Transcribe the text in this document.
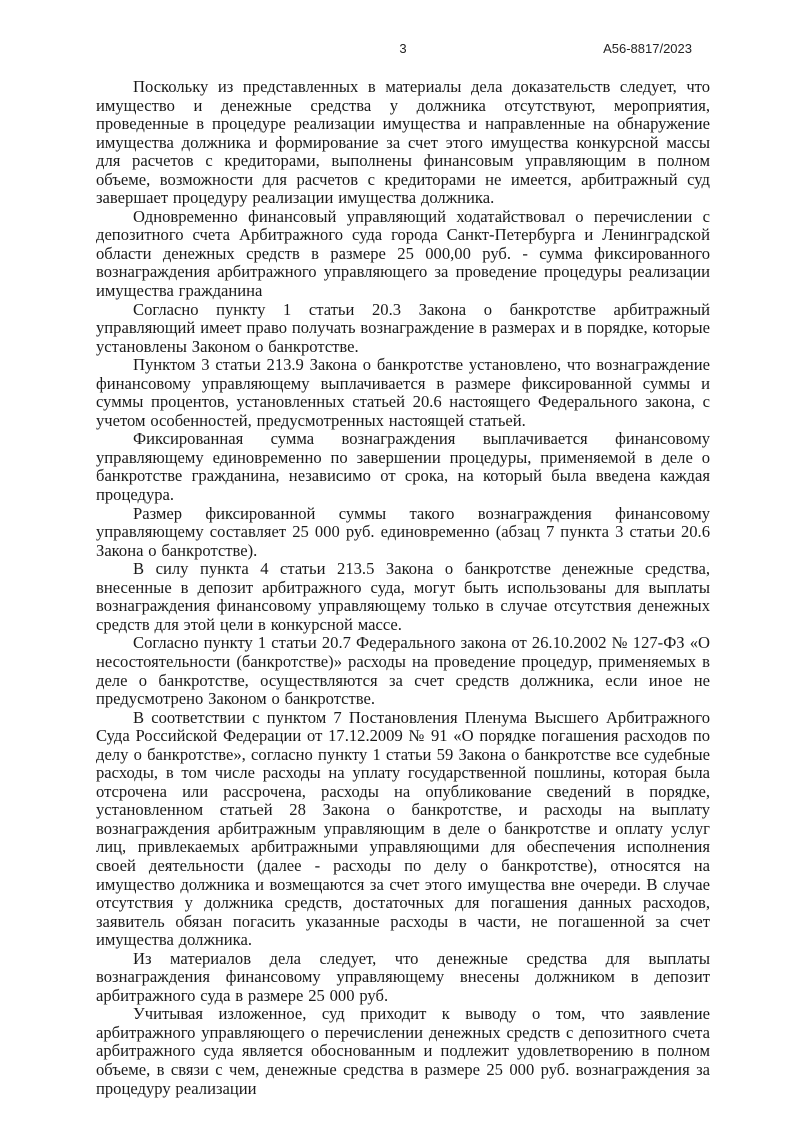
3	А56-8817/2023

Поскольку из представленных в материалы дела доказательств следует, что имущество и денежные средства у должника отсутствуют, мероприятия, проведенные в процедуре реализации имущества и направленные на обнаружение имущества должника и формирование за счет этого имущества конкурсной массы для расчетов с кредиторами, выполнены финансовым управляющим в полном объеме, возможности для расчетов с кредиторами не имеется, арбитражный суд завершает процедуру реализации имущества должника.

Одновременно финансовый управляющий ходатайствовал о перечислении с депозитного счета Арбитражного суда города Санкт-Петербурга и Ленинградской области денежных средств в размере 25 000,00 руб. - сумма фиксированного вознаграждения арбитражного управляющего за проведение процедуры реализации имущества гражданина

Согласно пункту 1 статьи 20.3 Закона о банкротстве арбитражный управляющий имеет право получать вознаграждение в размерах и в порядке, которые установлены Законом о банкротстве.

Пунктом 3 статьи 213.9 Закона о банкротстве установлено, что вознаграждение финансовому управляющему выплачивается в размере фиксированной суммы и суммы процентов, установленных статьей 20.6 настоящего Федерального закона, с учетом особенностей, предусмотренных настоящей статьей.

Фиксированная сумма вознаграждения выплачивается финансовому управляющему единовременно по завершении процедуры, применяемой в деле о банкротстве гражданина, независимо от срока, на который была введена каждая процедура.

Размер фиксированной суммы такого вознаграждения финансовому управляющему составляет 25 000 руб. единовременно (абзац 7 пункта 3 статьи 20.6 Закона о банкротстве).

В силу пункта 4 статьи 213.5 Закона о банкротстве денежные средства, внесенные в депозит арбитражного суда, могут быть использованы для выплаты вознаграждения финансовому управляющему только в случае отсутствия денежных средств для этой цели в конкурсной массе.

Согласно пункту 1 статьи 20.7 Федерального закона от 26.10.2002 № 127-ФЗ «О несостоятельности (банкротстве)» расходы на проведение процедур, применяемых в деле о банкротстве, осуществляются за счет средств должника, если иное не предусмотрено Законом о банкротстве.

В соответствии с пунктом 7 Постановления Пленума Высшего Арбитражного Суда Российской Федерации от 17.12.2009 № 91 «О порядке погашения расходов по делу о банкротстве», согласно пункту 1 статьи 59 Закона о банкротстве все судебные расходы, в том числе расходы на уплату государственной пошлины, которая была отсрочена или рассрочена, расходы на опубликование сведений в порядке, установленном статьей 28 Закона о банкротстве, и расходы на выплату вознаграждения арбитражным управляющим в деле о банкротстве и оплату услуг лиц, привлекаемых арбитражными управляющими для обеспечения исполнения своей деятельности (далее - расходы по делу о банкротстве), относятся на имущество должника и возмещаются за счет этого имущества вне очереди. В случае отсутствия у должника средств, достаточных для погашения данных расходов, заявитель обязан погасить указанные расходы в части, не погашенной за счет имущества должника.

Из материалов дела следует, что денежные средства для выплаты вознаграждения финансовому управляющему внесены должником в депозит арбитражного суда в размере 25 000 руб.

Учитывая изложенное, суд приходит к выводу о том, что заявление арбитражного управляющего о перечислении денежных средств с депозитного счета арбитражного суда является обоснованным и подлежит удовлетворению в полном объеме, в связи с чем, денежные средства в размере 25 000 руб. вознаграждения за процедуру реализации
